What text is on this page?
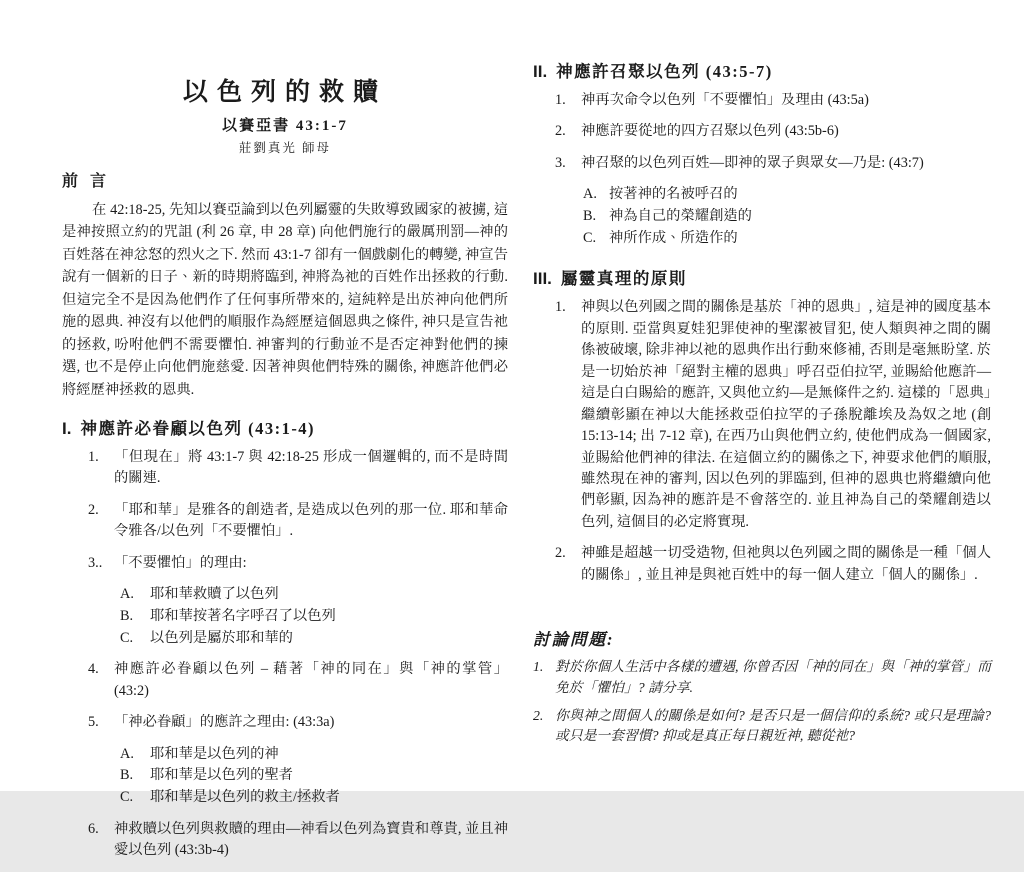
以色列的救贖
以賽亞書 43:1-7
莊劉真光 師母
前 言

在 42:18-25, 先知以賽亞論到以色列屬靈的失敗導致國家的被擄, 這是神按照立約的咒詛 (利 26 章, 申 28 章) 向他們施行的嚴厲刑罰—神的百姓落在神忿怒的烈火之下. 然而 43:1-7 卻有一個戲劇化的轉變, 神宣告說有一個新的日子、新的時期將臨到, 神將為祂的百姓作出拯救的行動. 但這完全不是因為他們作了任何事所帶來的, 這純粹是出於神向他們所施的恩典. 神沒有以他們的順服作為經歷這個恩典之條件, 神只是宣告祂的拯救, 吩咐他們不需要懼怕. 神審判的行動並不是否定神對他們的揀選, 也不是停止向他們施慈愛. 因著神與他們特殊的關係, 神應許他們必將經歷神拯救的恩典.

I. 神應許必眷顧以色列 (43:1-4)
1.	「但現在」將 43:1-7 與 42:18-25 形成一個邏輯的, 而不是時間的關連.
2.	「耶和華」是雅各的創造者, 是造成以色列的那一位. 耶和華命令雅各/以色列「不要懼怕」.
3.. 「不要懼怕」的理由:
A.	耶和華救贖了以色列
B.	耶和華按著名字呼召了以色列
C.	以色列是屬於耶和華的
4.	神應許必眷顧以色列 – 藉著「神的同在」與「神的掌管」 (43:2)
5.	「神必眷顧」的應許之理由: (43:3a)
A.	耶和華是以色列的神
B.	耶和華是以色列的聖者
C.	耶和華是以色列的救主/拯救者
6.	神救贖以色列與救贖的理由—神看以色列為寶貴和尊貴, 並且神愛以色列 (43:3b-4)
II. 神應許召聚以色列 (43:5-7)
1.	神再次命令以色列「不要懼怕」及理由 (43:5a)
2.	神應許要從地的四方召聚以色列 (43:5b-6)
3.	神召聚的以色列百姓—即神的眾子與眾女—乃是: (43:7)
A. 按著神的名被呼召的
B. 神為自己的榮耀創造的
C. 神所作成、所造作的
III. 屬靈真理的原則
1.	神與以色列國之間的關係是基於「神的恩典」, 這是神的國度基本的原則. 亞當與夏娃犯罪使神的聖潔被冒犯, 使人類與神之間的關係被破壞, 除非神以祂的恩典作出行動來修補, 否則是毫無盼望. 於是一切始於神「絕對主權的恩典」呼召亞伯拉罕, 並賜給他應許—這是白白賜給的應許, 又與他立約—是無條件之約. 這樣的「恩典」繼續彰顯在神以大能拯救亞伯拉罕的子孫脫離埃及為奴之地 (創 15:13-14; 出 7-12 章), 在西乃山與他們立約, 使他們成為一個國家, 並賜給他們神的律法. 在這個立約的關係之下, 神要求他們的順服, 雖然現在神的審判, 因以色列的罪臨到, 但神的恩典也將繼續向他們彰顯, 因為神的應許是不會落空的. 並且神為自己的榮耀創造以色列, 這個目的必定將實現.
2.	神雖是超越一切受造物, 但祂與以色列國之間的關係是一種「個人的關係」, 並且神是與祂百姓中的每一個人建立「個人的關係」.
討論問題:
1. 對於你個人生活中各樣的遭遇, 你曾否因「神的同在」與「神的掌管」而免於「懼怕」? 請分享.
2. 你與神之間個人的關係是如何? 是否只是一個信仰的系統? 或只是理論? 或只是一套習慣? 抑或是真正每日親近神, 聽從祂?
